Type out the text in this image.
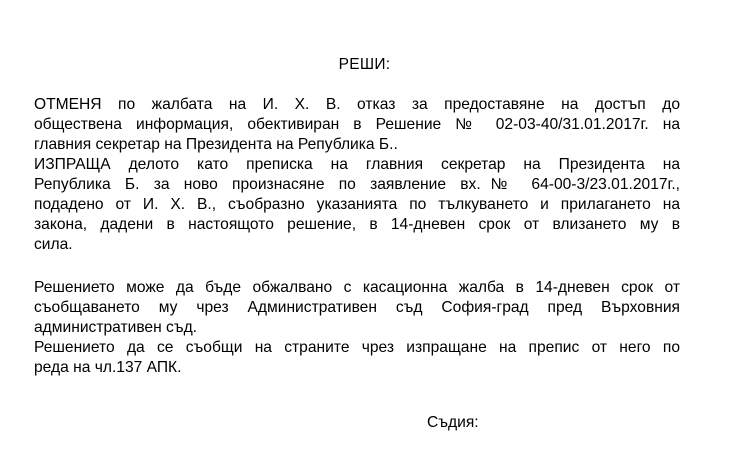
РЕШИ:
ОТМЕНЯ по жалбата на И. Х. В. отказ за предоставяне на достъп до
обществена информация, обективиран в Решение № 02-03-40/31.01.2017г. на
главния секретар на Президента на Република Б..
ИЗПРАЩА делото като преписка на главния секретар на Президента на
Република Б. за ново произнасяне по заявление вх.№ 64-00-3/23.01.2017г.,
подадено от И. Х. В., съобразно указанията по тълкуването и прилагането на
закона, дадени в настоящото решение, в 14-дневен срок от влизането му в
сила.
Решението може да бъде обжалвано с касационна жалба в 14-дневен срок от
съобщаването му чрез Административен съд София-град пред Върховния
административен съд.
Решението да се съобщи на страните чрез изпращане на препис от него по
реда на чл.137 АПК.
Съдия:
